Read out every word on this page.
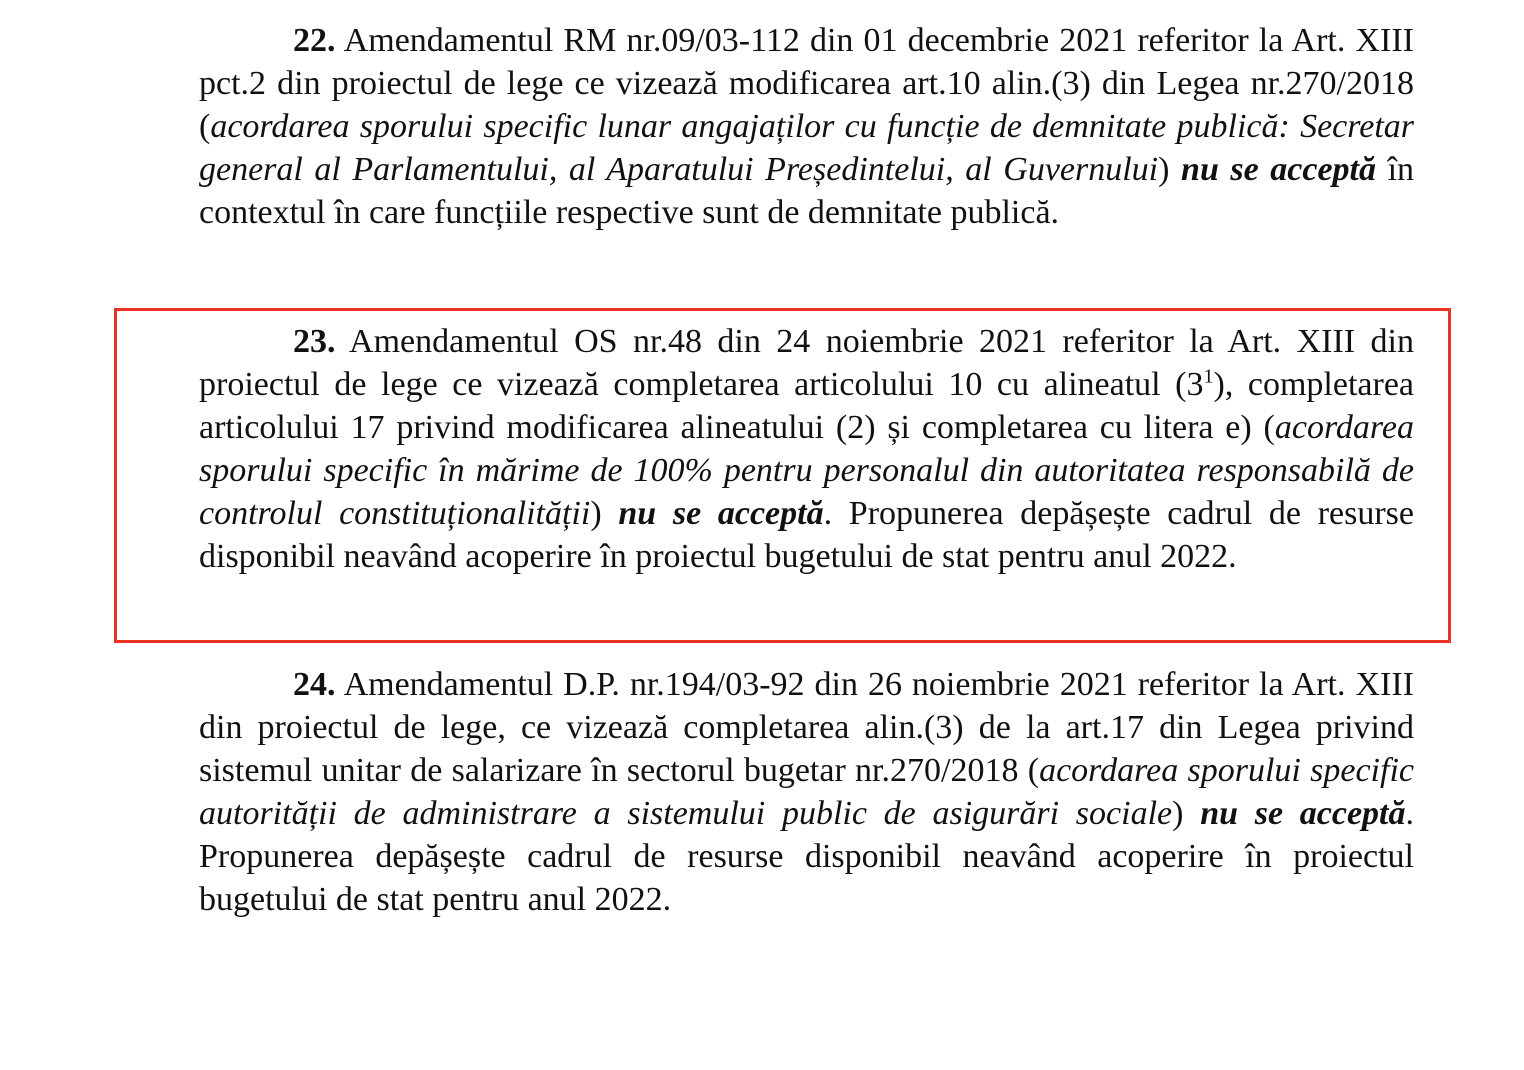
22. Amendamentul RM nr.09/03-112 din 01 decembrie 2021 referitor la Art. XIII pct.2 din proiectul de lege ce vizează modificarea art.10 alin.(3) din Legea nr.270/2018 (acordarea sporului specific lunar angajaților cu funcție de demnitate publică: Secretar general al Parlamentului, al Aparatului Președintelui, al Guvernului) nu se acceptă în contextul în care funcțiile respective sunt de demnitate publică.

23. Amendamentul OS nr.48 din 24 noiembrie 2021 referitor la Art. XIII din proiectul de lege ce vizează completarea articolului 10 cu alineatul $(3^1)$, completarea articolului 17 privind modificarea alineatului (2) și completarea cu litera e) (acordarea sporului specific în mărime de 100% pentru personalul din autoritatea responsabilă de controlul constituționalității) nu se acceptă. Propunerea depășește cadrul de resurse disponibil neavând acoperire în proiectul bugetului de stat pentru anul 2022.

24. Amendamentul D.P. nr.194/03-92 din 26 noiembrie 2021 referitor la Art. XIII din proiectul de lege, ce vizează completarea alin.(3) de la art.17 din Legea privind sistemul unitar de salarizare în sectorul bugetar nr.270/2018 (acordarea sporului specific autorității de administrare a sistemului public de asigurări sociale) nu se acceptă. Propunerea depășește cadrul de resurse disponibil neavând acoperire în proiectul bugetului de stat pentru anul 2022.
